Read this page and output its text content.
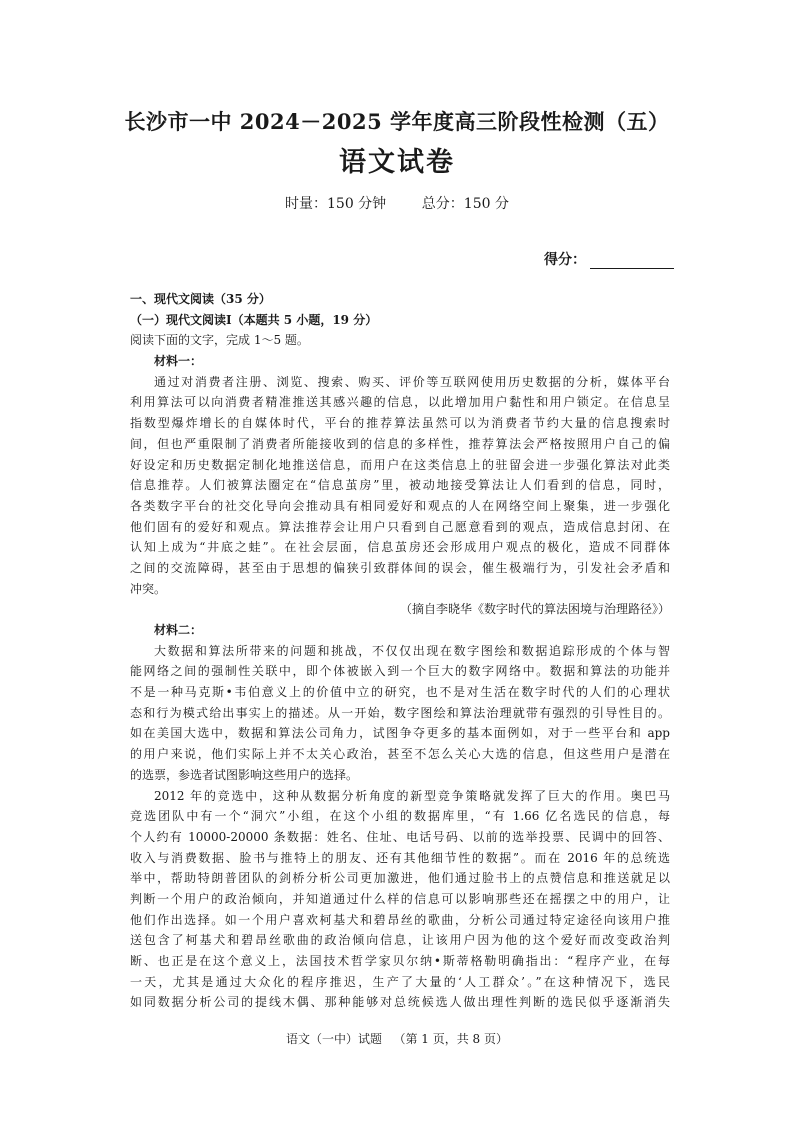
长沙市一中 2024－2025 学年度高三阶段性检测（五）
语文试卷
时量：150 分钟        总分：150 分
得分：
一、现代文阅读（35 分）
（一）现代文阅读Ⅰ（本题共 5 小题，19 分）
阅读下面的文字，完成 1～5 题。
材料一：
通过对消费者注册、浏览、搜索、购买、评价等互联网使用历史数据的分析，媒体平台
利用算法可以向消费者精准推送其感兴趣的信息，以此增加用户黏性和用户锁定。在信息呈
指数型爆炸增长的自媒体时代，平台的推荐算法虽然可以为消费者节约大量的信息搜索时
间，但也严重限制了消费者所能接收到的信息的多样性，推荐算法会严格按照用户自己的偏
好设定和历史数据定制化地推送信息，而用户在这类信息上的驻留会进一步强化算法对此类
信息推荐。人们被算法圈定在“信息茧房”里，被动地接受算法让人们看到的信息，同时，
各类数字平台的社交化导向会推动具有相同爱好和观点的人在网络空间上聚集，进一步强化
他们固有的爱好和观点。算法推荐会让用户只看到自己愿意看到的观点，造成信息封闭、在
认知上成为“井底之蛙”。在社会层面，信息茧房还会形成用户观点的极化，造成不同群体
之间的交流障碍，甚至由于思想的偏狭引致群体间的误会，催生极端行为，引发社会矛盾和
冲突。
（摘自李晓华《数字时代的算法困境与治理路径》）
材料二：
大数据和算法所带来的问题和挑战，不仅仅出现在数字图绘和数据追踪形成的个体与智
能网络之间的强制性关联中，即个体被嵌入到一个巨大的数字网络中。数据和算法的功能并
不是一种马克斯•韦伯意义上的价值中立的研究，也不是对生活在数字时代的人们的心理状
态和行为模式给出事实上的描述。从一开始，数字图绘和算法治理就带有强烈的引导性目的。
如在美国大选中，数据和算法公司角力，试图争夺更多的基本面例如，对于一些平台和 app
的用户来说，他们实际上并不太关心政治，甚至不怎么关心大选的信息，但这些用户是潜在
的选票，参选者试图影响这些用户的选择。
2012 年的竞选中，这种从数据分析角度的新型竞争策略就发挥了巨大的作用。奥巴马
竞选团队中有一个“洞穴”小组，在这个小组的数据库里，“有 1.66 亿名选民的信息，每
个人约有 10000-20000 条数据：姓名、住址、电话号码、以前的选举投票、民调中的回答、
收入与消费数据、脸书与推特上的朋友、还有其他细节性的数据”。而在 2016 年的总统选
举中，帮助特朗普团队的剑桥分析公司更加激进，他们通过脸书上的点赞信息和推送就足以
判断一个用户的政治倾向，并知道通过什么样的信息可以影响那些还在摇摆之中的用户，让
他们作出选择。如一个用户喜欢柯基犬和碧昂丝的歌曲，分析公司通过特定途径向该用户推
送包含了柯基犬和碧昂丝歌曲的政治倾向信息，让该用户因为他的这个爱好而改变政治判
断、也正是在这个意义上，法国技术哲学家贝尔纳•斯蒂格勒明确指出：“程序产业，在每
一天，尤其是通过大众化的程序推迟，生产了大量的‘人工群众’。”在这种情况下，选民
如同数据分析公司的提线木偶、那种能够对总统候选人做出理性判断的选民似乎逐渐消失
语文（一中）试题   （第 1 页，共 8 页）
